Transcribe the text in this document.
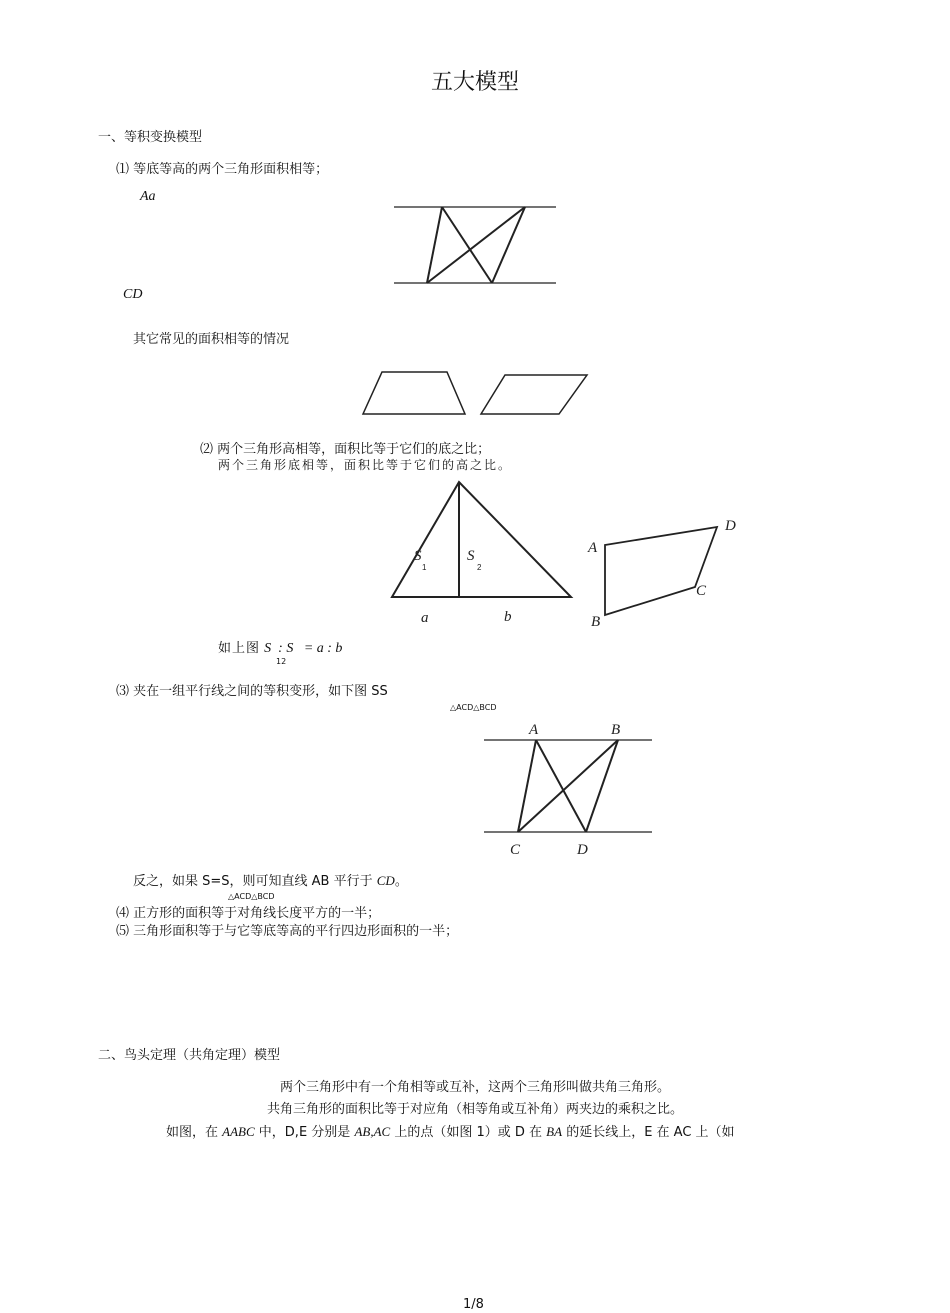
五大模型
一、等积变换模型
⑴ 等底等高的两个三角形面积相等；
Aa
CD
其它常见的面积相等的情况
⑵ 两个三角形高相等，面积比等于它们的底之比；
两个三角形底相等，面积比等于它们的高之比。
S
1
S
2
a	b
A
D
C
B
如上图 S  : S   = a : b
12
⑶ 夹在一组平行线之间的等积变形，如下图 SS
△ACD△BCD
A	B
C	D
反之，如果 S=S，则可知直线 AB 平行于 CD。
△ACD△BCD
⑷ 正方形的面积等于对角线长度平方的一半；
⑸ 三角形面积等于与它等底等高的平行四边形面积的一半；
二、鸟头定理（共角定理）模型
两个三角形中有一个角相等或互补，这两个三角形叫做共角三角形。
共角三角形的面积比等于对应角（相等角或互补角）两夹边的乘积之比。
如图，在 AABC 中，D,E 分别是 AB,AC 上的点（如图 1）或 D 在 BA 的延长线上，E 在 AC 上（如
1/8
